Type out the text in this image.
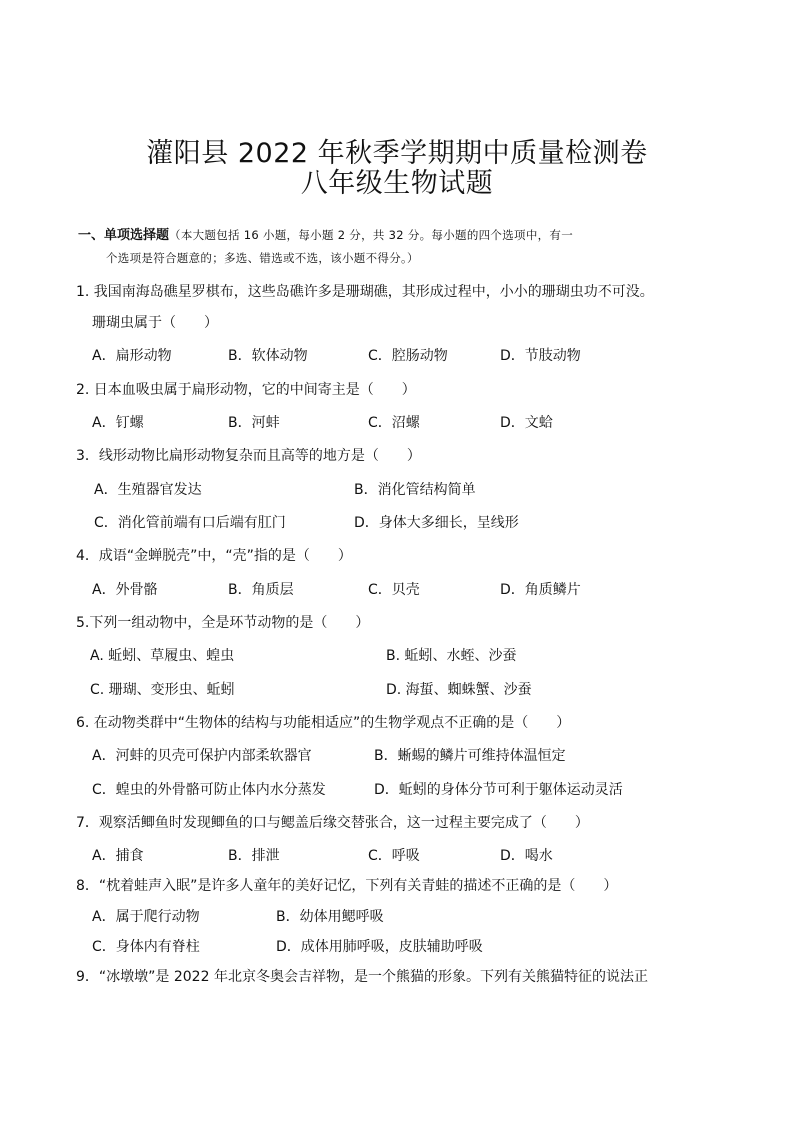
灌阳县 2022 年秋季学期期中质量检测卷
八年级生物试题
一、单项选择题（本大题包括 16 小题，每小题 2 分，共 32 分。每小题的四个选项中，有一
个选项是符合题意的；多选、错选或不选，该小题不得分。）
1. 我国南海岛礁星罗棋布，这些岛礁许多是珊瑚礁，其形成过程中，小小的珊瑚虫功不可没。
珊瑚虫属于（　　）
A．扁形动物	B．软体动物	C．腔肠动物	D．节肢动物
2. 日本血吸虫属于扁形动物，它的中间寄主是（　　）
A．钉螺	B．河蚌	C．沼螺	D．文蛤
3．线形动物比扁形动物复杂而且高等的地方是（　　）
A．生殖器官发达	B．消化管结构简单
C．消化管前端有口后端有肛门	D．身体大多细长，呈线形
4．成语“金蝉脱壳”中，“壳”指的是（　　）
A．外骨骼	B．角质层	C．贝壳	D．角质鳞片
5.下列一组动物中，全是环节动物的是（　　）
A. 蚯蚓、草履虫、蝗虫	B. 蚯蚓、水蛭、沙蚕
C. 珊瑚、变形虫、蚯蚓	D. 海蜇、蜘蛛蟹、沙蚕
6. 在动物类群中“生物体的结构与功能相适应”的生物学观点不正确的是（　　）
A．河蚌的贝壳可保护内部柔软器官	B．蜥蜴的鳞片可维持体温恒定
C．蝗虫的外骨骼可防止体内水分蒸发	D．蚯蚓的身体分节可利于躯体运动灵活
7．观察活鲫鱼时发现鲫鱼的口与鳃盖后缘交替张合，这一过程主要完成了（　　）
A．捕食	B．排泄	C．呼吸	D．喝水
8．“枕着蛙声入眠”是许多人童年的美好记忆，下列有关青蛙的描述不正确的是（　　）
A．属于爬行动物	B．幼体用鳃呼吸
C．身体内有脊柱	D．成体用肺呼吸，皮肤辅助呼吸
9．“冰墩墩”是 2022 年北京冬奥会吉祥物，是一个熊猫的形象。下列有关熊猫特征的说法正
